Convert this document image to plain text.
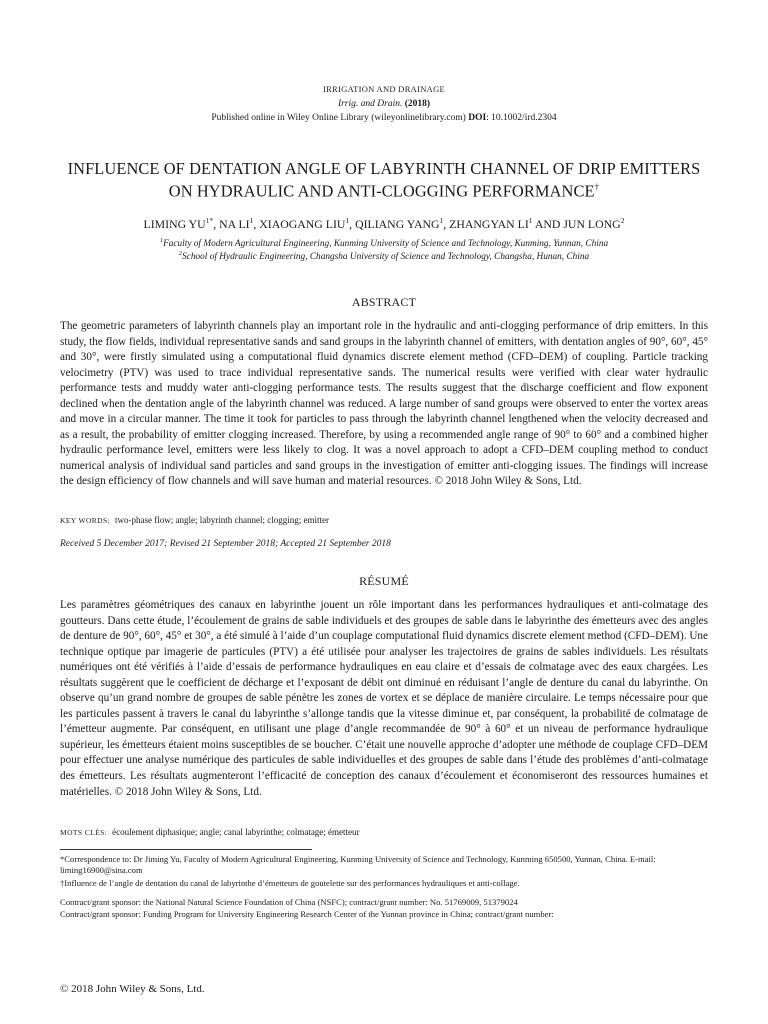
IRRIGATION AND DRAINAGE
Irrig. and Drain. (2018)
Published online in Wiley Online Library (wileyonlinelibrary.com) DOI: 10.1002/ird.2304
INFLUENCE OF DENTATION ANGLE OF LABYRINTH CHANNEL OF DRIP EMITTERS
ON HYDRAULIC AND ANTI-CLOGGING PERFORMANCE†
LIMING $YU^{1*}$, NA $LI^1$, XIAOGANG LIU$^1$, QILIANG YANG$^1$, ZHANGYAN $LI^1$ AND JUN LONG$^2$
$^1$Faculty of Modern Agricultural Engineering, Kunming University of Science and Technology, Kunming, Yunnan, China
$^2$School of Hydraulic Engineering, Changsha University of Science and Technology, Changsha, Hunan, China
ABSTRACT
The geometric parameters of labyrinth channels play an important role in the hydraulic and anti-clogging performance of drip emitters. In this study, the flow fields, individual representative sands and sand groups in the labyrinth channel of emitters, with dentation angles of 90°, 60°, 45° and 30°, were firstly simulated using a computational fluid dynamics discrete element method (CFD–DEM) of coupling. Particle tracking velocimetry (PTV) was used to trace individual representative sands. The numerical results were verified with clear water hydraulic performance tests and muddy water anti-clogging performance tests. The results suggest that the discharge coefficient and flow exponent declined when the dentation angle of the labyrinth channel was reduced. A large number of sand groups were observed to enter the vortex areas and move in a circular manner. The time it took for particles to pass through the labyrinth channel lengthened when the velocity decreased and as a result, the probability of emitter clogging increased. Therefore, by using a recommended angle range of 90° to 60° and a combined higher hydraulic performance level, emitters were less likely to clog. It was a novel approach to adopt a CFD–DEM coupling method to conduct numerical analysis of individual sand particles and sand groups in the investigation of emitter anti-clogging issues. The findings will increase the design efficiency of flow channels and will save human and material resources. © 2018 John Wiley & Sons, Ltd.
KEY WORDS: two-phase flow; angle; labyrinth channel; clogging; emitter
Received 5 December 2017; Revised 21 September 2018; Accepted 21 September 2018
RÉSUMÉ
Les paramètres géométriques des canaux en labyrinthe jouent un rôle important dans les performances hydrauliques et anti-colmatage des goutteurs. Dans cette étude, l’écoulement de grains de sable individuels et des groupes de sable dans le labyrinthe des émetteurs avec des angles de denture de 90°, 60°, 45° et 30°, a été simulé à l’aide d’un couplage computational fluid dynamics discrete element method (CFD–DEM). Une technique optique par imagerie de particules (PTV) a été utilisée pour analyser les trajectoires de grains de sables individuels. Les résultats numériques ont été vérifiés à l’aide d’essais de performance hydrauliques en eau claire et d’essais de colmatage avec des eaux chargées. Les résultats suggèrent que le coefficient de décharge et l’exposant de débit ont diminué en réduisant l’angle de denture du canal du labyrinthe. On observe qu’un grand nombre de groupes de sable pénètre les zones de vortex et se déplace de manière circulaire. Le temps nécessaire pour que les particules passent à travers le canal du labyrinthe s’allonge tandis que la vitesse diminue et, par conséquent, la probabilité de colmatage de l’émetteur augmente. Par conséquent, en utilisant une plage d’angle recommandée de 90° à 60° et un niveau de performance hydraulique supérieur, les émetteurs étaient moins susceptibles de se boucher. C’était une nouvelle approche d’adopter une méthode de couplage CFD–DEM pour effectuer une analyse numérique des particules de sable individuelles et des groupes de sable dans l’étude des problèmes d’anti-colmatage des émetteurs. Les résultats augmenteront l’efficacité de conception des canaux d’écoulement et économiseront des ressources humaines et matérielles. © 2018 John Wiley & Sons, Ltd.
MOTS CLÉS: écoulement diphasique; angle; canal labyrinthe; colmatage; émetteur
*Correspondence to: Dr Jiming Yu, Faculty of Modern Agricultural Engineering, Kunming University of Science and Technology, Kunming 650500, Yunnan, China. E-mail: liming16900@sina.com
†Influence de l’angle de dentation du canal de labyrinthe d’émetteurs de goutelette sur des performances hydrauliques et anti-collage.
Contract/grant sponsor: the National Natural Science Foundation of China (NSFC); contract/grant number: No. 51769009, 51379024
Contract/grant sponsor: Funding Program for University Engineering Research Center of the Yunnan province in China; contract/grant number:
© 2018 John Wiley & Sons, Ltd.
